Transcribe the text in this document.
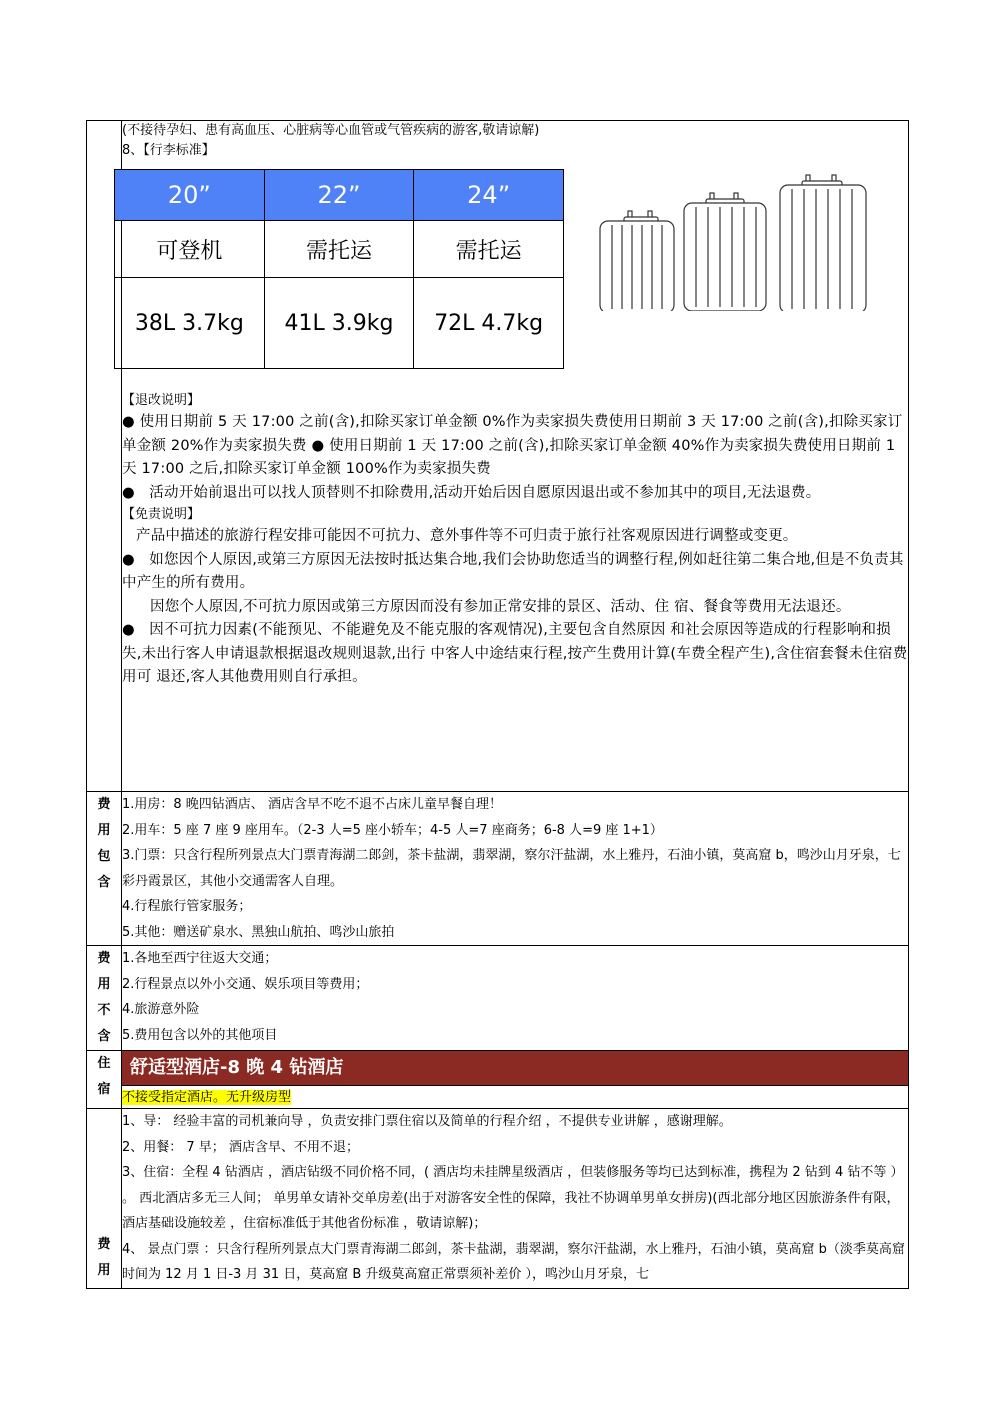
(不接待孕妇、患有高血压、心脏病等心血管或气管疾病的游客,敬请谅解)
8、【行李标准】
20”	22”	24”
可登机	需托运	需托运
38L 3.7kg	41L 3.9kg	72L 4.7kg
【退改说明】
● 使用日期前 5 天 17:00 之前(含),扣除买家订单金额 0%作为卖家损失费使用日期前 3 天 17:00 之前(含),扣除买家订单金额 20%作为卖家损失费 ● 使用日期前 1 天 17:00 之前(含),扣除买家订单金额 40%作为卖家损失费使用日期前 1 天 17:00 之后,扣除买家订单金额 100%作为卖家损失费
● 活动开始前退出可以找人顶替则不扣除费用,活动开始后因自愿原因退出或不参加其中的项目,无法退费。
【免责说明】
产品中描述的旅游行程安排可能因不可抗力、意外事件等不可归责于旅行社客观原因进行调整或变更。
● 如您因个人原因,或第三方原因无法按时抵达集合地,我们会协助您适当的调整行程,例如赶往第二集合地,但是不负责其中产生的所有费用。
因您个人原因,不可抗力原因或第三方原因而没有参加正常安排的景区、活动、住 宿、餐食等费用无法退还。
● 因不可抗力因素(不能预见、不能避免及不能克服的客观情况),主要包含自然原因 和社会原因等造成的行程影响和损失,未出行客人申请退款根据退改规则退款,出行 中客人中途结束行程,按产生费用计算(车费全程产生),含住宿套餐未住宿费用可 退还,客人其他费用则自行承担。

费
用
包
含

1.用房：8 晚四钻酒店、 酒店含早不吃不退不占床儿童早餐自理！
2.用车：5 座 7 座 9 座用车。（2-3 人=5 座小轿车；4-5 人=7 座商务；6-8 人=9 座 1+1）
3.门票：只含行程所列景点大门票青海湖二郎剑，茶卡盐湖，翡翠湖，察尔汗盐湖，水上雅丹，石油小镇，莫高窟 b，鸣沙山月牙泉，七彩丹霞景区，其他小交通需客人自理。
4.行程旅行管家服务；
5.其他：赠送矿泉水、黑独山航拍、鸣沙山旅拍

费
用
不
含

1.各地至西宁往返大交通；
2.行程景点以外小交通、娱乐项目等费用；
4.旅游意外险
5.费用包含以外的其他项目

住
宿

舒适型酒店-8 晚 4 钻酒店

不接受指定酒店。无升级房型

费
用

1、导： 经验丰富的司机兼向导 ，负责安排门票住宿以及简单的行程介绍 ，不提供专业讲解 ，感谢理解。
2、用餐： 7 早； 酒店含早、不用不退；
3、住宿：全程 4 钻酒店 ，酒店钻级不同价格不同，( 酒店均未挂牌星级酒店 ，但装修服务等均已达到标准，携程为 2 钻到 4 钻不等 ） 。 西北酒店多无三人间； 单男单女请补交单房差(出于对游客安全性的保障，我社不协调单男单女拼房)(西北部分地区因旅游条件有限，酒店基础设施较差 ，住宿标准低于其他省份标准 ，敬请谅解)；
4、 景点门票 ：只含行程所列景点大门票青海湖二郎剑，茶卡盐湖，翡翠湖，察尔汗盐湖，水上雅丹，石油小镇，莫高窟 b（淡季莫高窟时间为 12 月 1 日-3 月 31 日，莫高窟 B 升级莫高窟正常票须补差价 ），鸣沙山月牙泉，七
